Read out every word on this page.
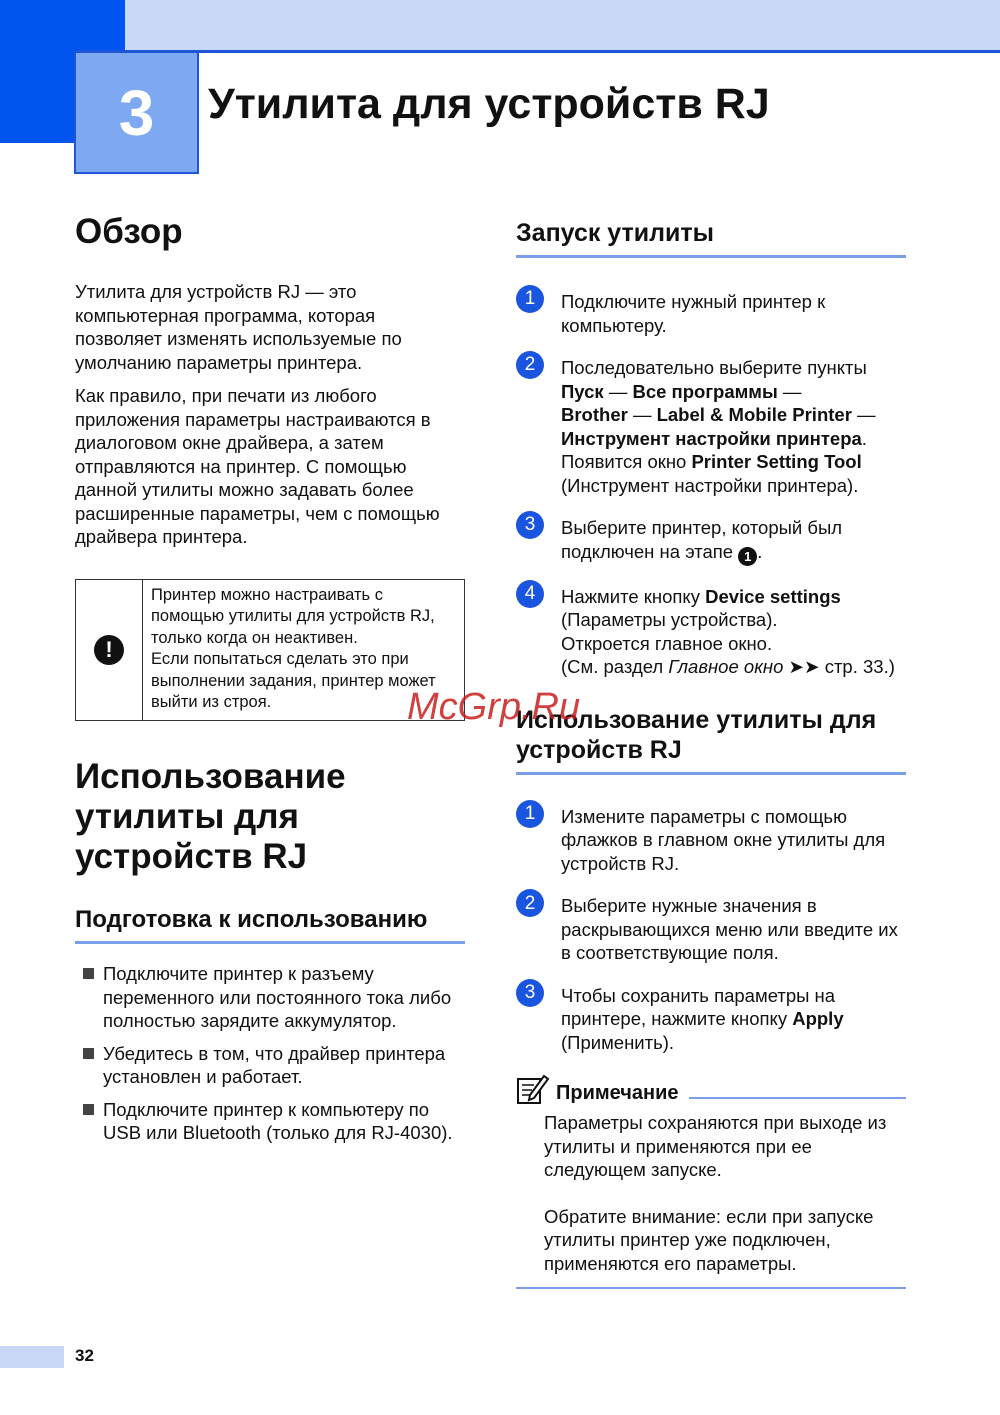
3	Утилита для устройств RJ
Обзор

Утилита для устройств RJ — это компьютерная программа, которая позволяет изменять используемые по умолчанию параметры принтера.

Как правило, при печати из любого приложения параметры настраиваются в диалоговом окне драйвера, а затем отправляются на принтер. С помощью данной утилиты можно задавать более расширенные параметры, чем с помощью драйвера принтера.

!
Принтер можно настраивать с помощью утилиты для устройств RJ, только когда он неактивен.
Если попытаться сделать это при выполнении задания, принтер может выйти из строя.
Использование утилиты для устройств RJ
Подготовка к использованию
Подключите принтер к разъему переменного или постоянного тока либо полностью зарядите аккумулятор.
Убедитесь в том, что драйвер принтера установлен и работает.
Подключите принтер к компьютеру по USB или Bluetooth (только для RJ-4030).
Запуск утилиты
1	Подключите нужный принтер к компьютеру.
2	Последовательно выберите пункты
Пуск — Все программы —
Brother — Label & Mobile Printer —
Инструмент настройки принтера.
Появится окно Printer Setting Tool
(Инструмент настройки принтера).
3	Выберите принтер, который был подключен на этапе 1 .
4	Нажмите кнопку Device settings
(Параметры устройства).
Откроется главное окно.
(См. раздел Главное окно ➤➤ стр. 33.)
Использование утилиты для устройств RJ
1	Измените параметры с помощью флажков в главном окне утилиты для устройств RJ.
2	Выберите нужные значения в раскрывающихся меню или введите их в соответствующие поля.
3	Чтобы сохранить параметры на принтере, нажмите кнопку Apply
(Применить).
Примечание
Параметры сохраняются при выходе из утилиты и применяются при ее следующем запуске.
Обратите внимание: если при запуске утилиты принтер уже подключен, применяются его параметры.
McGrp.Ru
32
